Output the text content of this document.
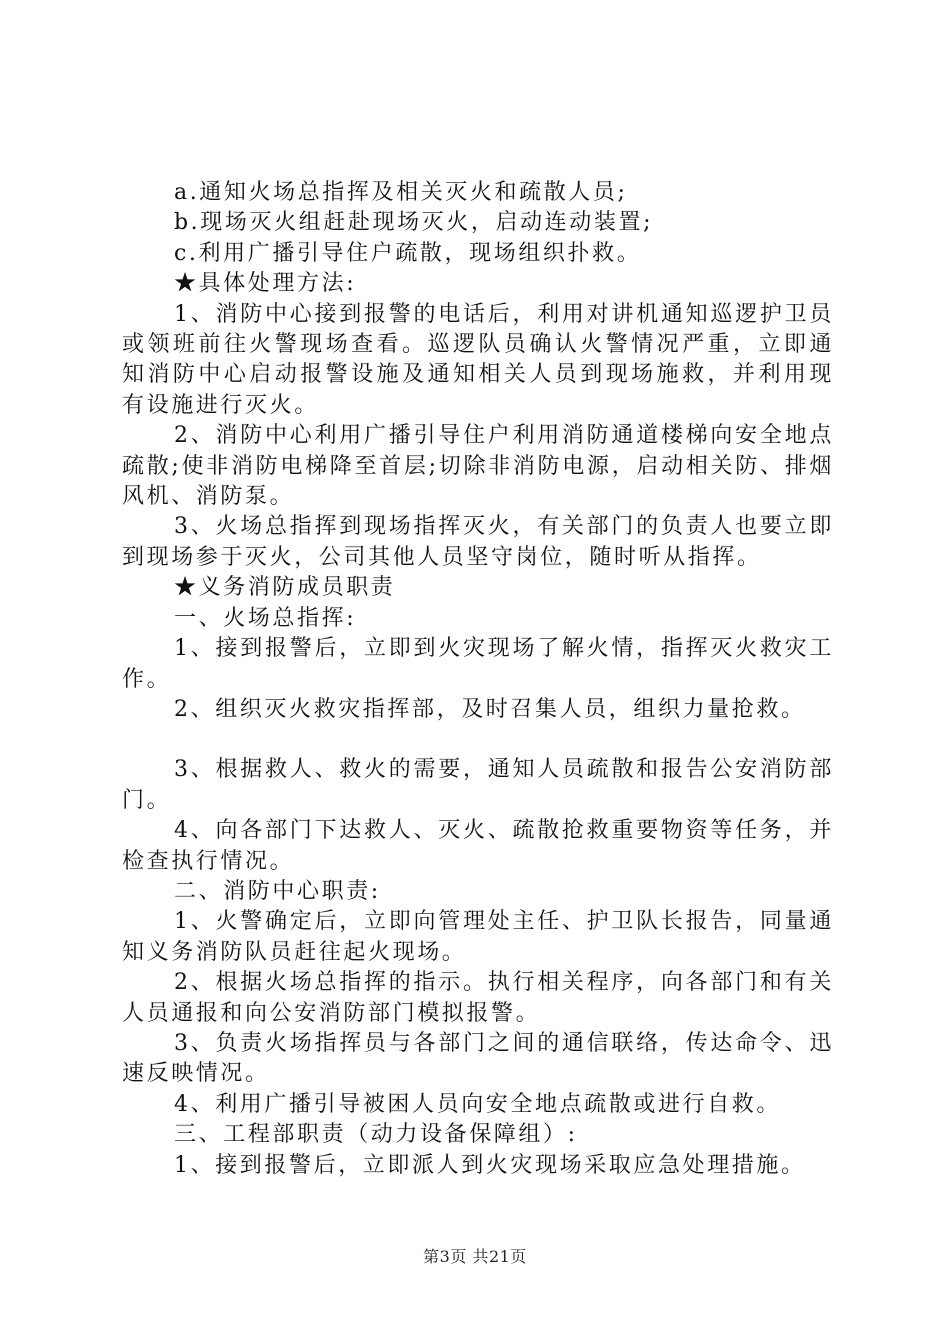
a.通知火场总指挥及相关灭火和疏散人员;

b.现场灭火组赶赴现场灭火，启动连动装置;

c.利用广播引导住户疏散，现场组织扑救。

★具体处理方法:

1、消防中心接到报警的电话后，利用对讲机通知巡逻护卫员或领班前往火警现场查看。巡逻队员确认火警情况严重，立即通知消防中心启动报警设施及通知相关人员到现场施救，并利用现有设施进行灭火。

2、消防中心利用广播引导住户利用消防通道楼梯向安全地点疏散;使非消防电梯降至首层;切除非消防电源，启动相关防、排烟风机、消防泵。

3、火场总指挥到现场指挥灭火，有关部门的负责人也要立即到现场参于灭火，公司其他人员坚守岗位，随时听从指挥。

★义务消防成员职责

一、火场总指挥:

1、接到报警后，立即到火灾现场了解火情，指挥灭火救灾工作。

2、组织灭火救灾指挥部，及时召集人员，组织力量抢救。

3、根据救人、救火的需要，通知人员疏散和报告公安消防部门。

4、向各部门下达救人、灭火、疏散抢救重要物资等任务，并检查执行情况。

二、消防中心职责:

1、火警确定后，立即向管理处主任、护卫队长报告，同量通知义务消防队员赶往起火现场。

2、根据火场总指挥的指示。执行相关程序，向各部门和有关人员通报和向公安消防部门模拟报警。

3、负责火场指挥员与各部门之间的通信联络，传达命令、迅速反映情况。

4、利用广播引导被困人员向安全地点疏散或进行自救。

三、工程部职责（动力设备保障组）:

1、接到报警后，立即派人到火灾现场采取应急处理措施。

第3页 共21页
